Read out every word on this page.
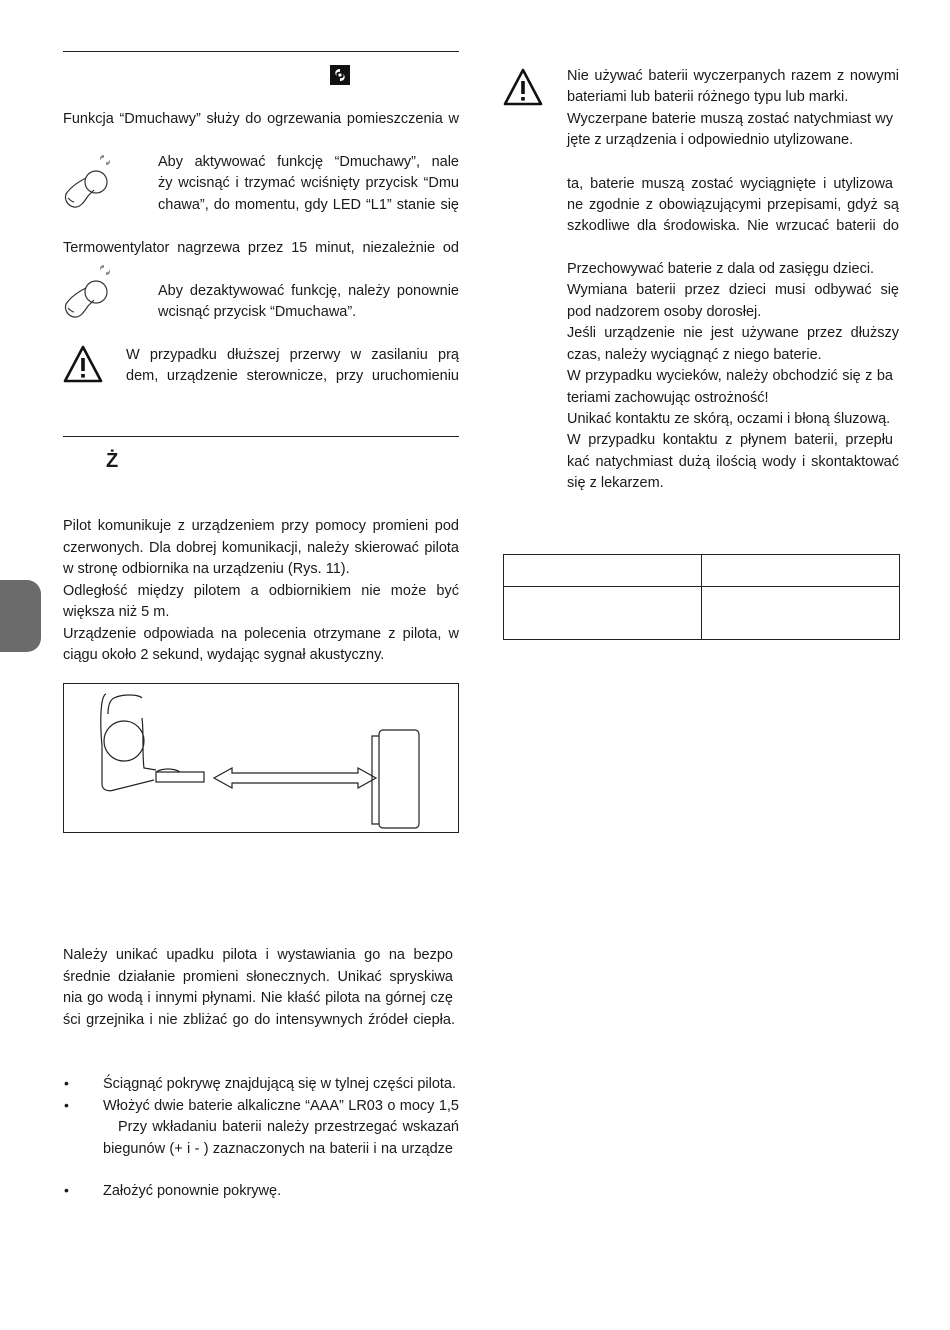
Funkcja “Dmuchawy” służy do ogrzewania pomieszczenia w
Aby aktywować funkcję “Dmuchawy”, nale
ży wcisnąć i trzymać wciśnięty przycisk “Dmu
chawa”, do momentu, gdy LED “L1” stanie się
Termowentylator nagrzewa przez 15 minut, niezależnie od
Aby dezaktywować funkcję, należy ponownie
wcisnąć przycisk “Dmuchawa”.
W przypadku dłuższej przerwy w zasilaniu prą
dem, urządzenie sterownicze, przy uruchomieniu
Ż
Pilot komunikuje z urządzeniem przy pomocy promieni pod
czerwonych. Dla dobrej komunikacji, należy skierować pilota
w stronę odbiornika na urządzeniu (Rys. 11).
Odległość między pilotem a odbiornikiem nie może być
większa niż 5 m.
Urządzenie odpowiada na polecenia otrzymane z pilota, w
ciągu około 2 sekund, wydając sygnał akustyczny.
Należy unikać upadku pilota i wystawiania go na bezpo
średnie działanie promieni słonecznych. Unikać spryskiwa
nia go wodą i innymi płynami. Nie kłaść pilota na górnej czę
ści grzejnika i nie zbliżać go do intensywnych źródeł ciepła.
• Ściągnąć pokrywę znajdującą się w tylnej części pilota.
• Włożyć dwie baterie alkaliczne “AAA” LR03 o mocy 1,5
Przy wkładaniu baterii należy przestrzegać wskazań
biegunów (+ i - ) zaznaczonych na baterii i na urządze
• Założyć ponownie pokrywę.
Nie używać baterii wyczerpanych razem z nowymi
bateriami lub baterii różnego typu lub marki.
Wyczerpane baterie muszą zostać natychmiast wy
jęte z urządzenia i odpowiednio utylizowane.
ta, baterie muszą zostać wyciągnięte i utylizowa
ne zgodnie z obowiązującymi przepisami, gdyż są
szkodliwe dla środowiska. Nie wrzucać baterii do
Przechowywać baterie z dala od zasięgu dzieci.
Wymiana baterii przez dzieci musi odbywać się
pod nadzorem osoby dorosłej.
Jeśli urządzenie nie jest używane przez dłuższy
czas, należy wyciągnąć z niego baterie.
W przypadku wycieków, należy obchodzić się z ba
teriami zachowując ostrożność!
Unikać kontaktu ze skórą, oczami i błoną śluzową.
W przypadku kontaktu z płynem baterii, przepłu
kać natychmiast dużą ilością wody i skontaktować
się z lekarzem.
